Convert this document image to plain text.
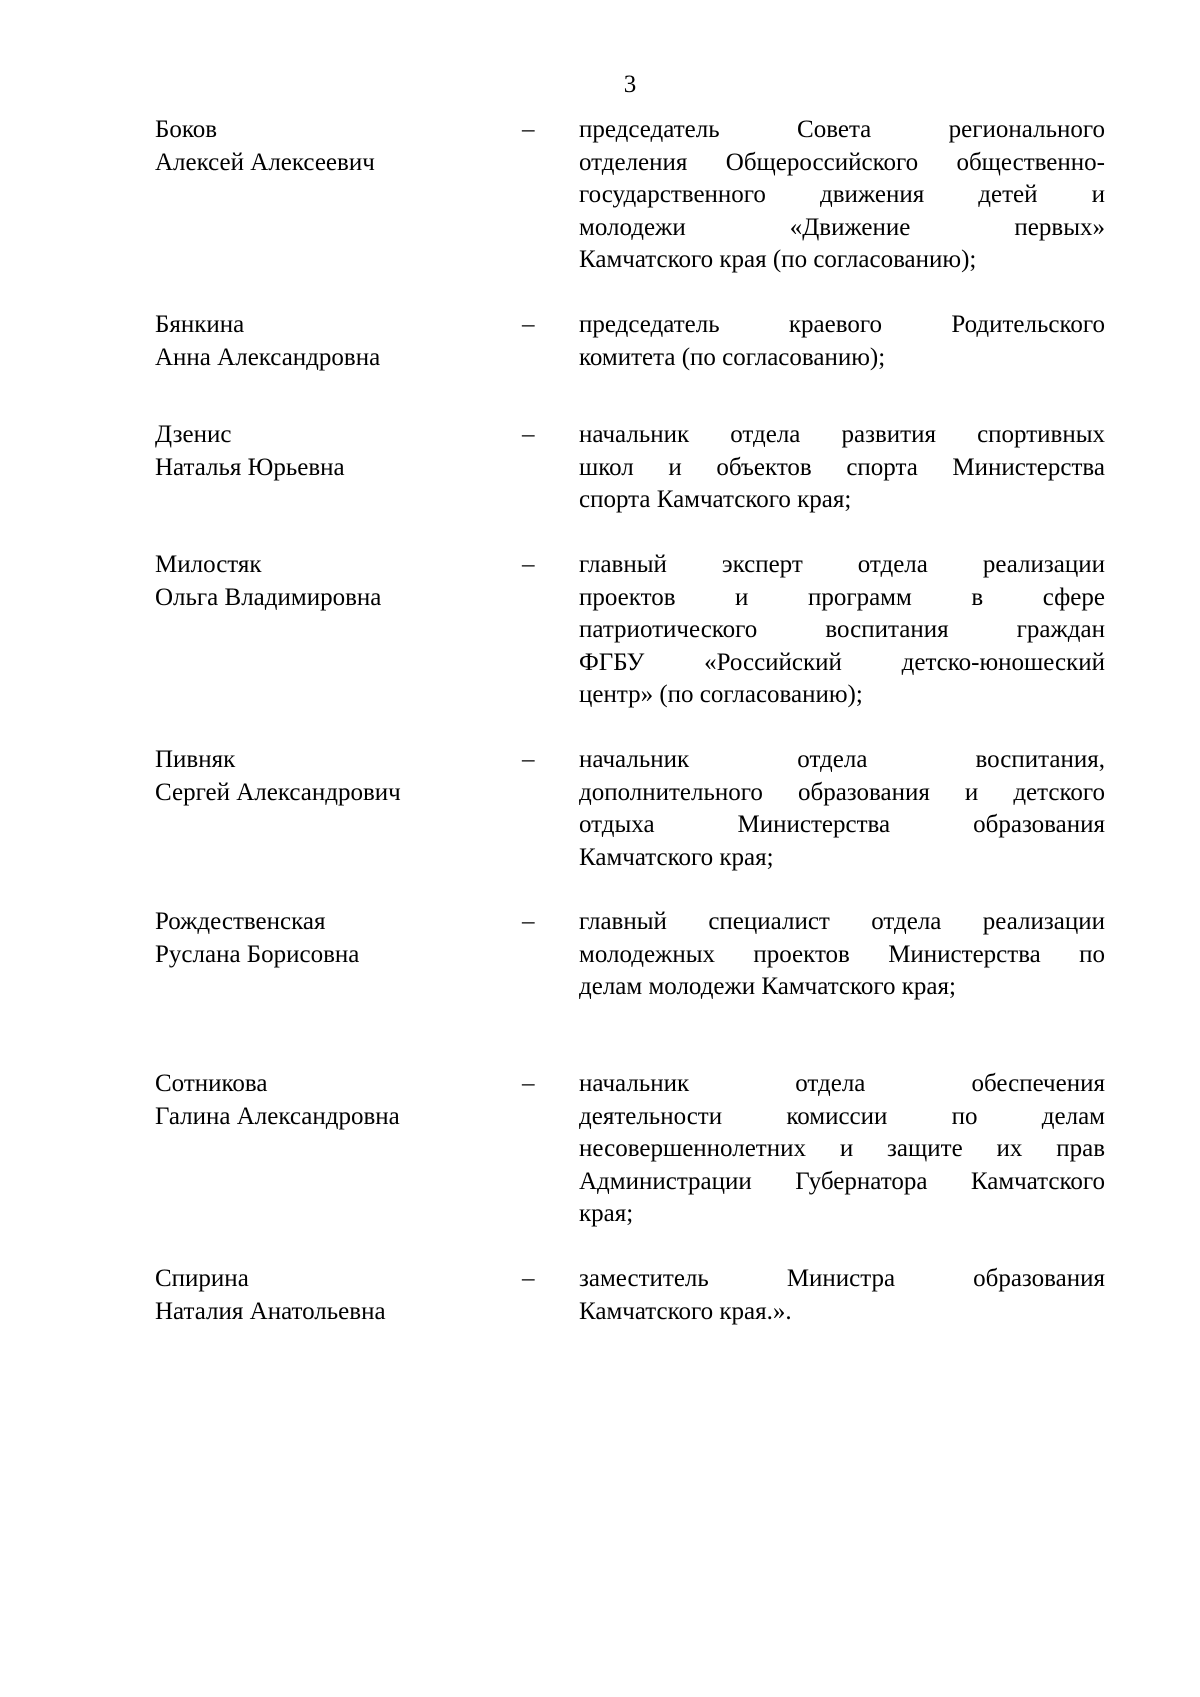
3
Боков
Алексей Алексеевич
– председатель Совета регионального
отделения Общероссийского общественно-
государственного движения детей и
молодежи «Движение первых»
Камчатского края (по согласованию);
Бянкина
Анна Александровна
– председатель краевого Родительского
комитета (по согласованию);
Дзенис
Наталья Юрьевна
– начальник отдела развития спортивных
школ и объектов спорта Министерства
спорта Камчатского края;
Милостяк
Ольга Владимировна
– главный эксперт отдела реализации
проектов и программ в сфере
патриотического воспитания граждан
ФГБУ «Российский детско-юношеский
центр» (по согласованию);
Пивняк
Сергей Александрович
– начальник отдела воспитания,
дополнительного образования и детского
отдыха Министерства образования
Камчатского края;
Рождественская
Руслана Борисовна
– главный специалист отдела реализации
молодежных проектов Министерства по
делам молодежи Камчатского края;
Сотникова
Галина Александровна
– начальник отдела обеспечения
деятельности комиссии по делам
несовершеннолетних и защите их прав
Администрации Губернатора Камчатского
края;
Спирина
Наталия Анатольевна
– заместитель Министра образования
Камчатского края.».
